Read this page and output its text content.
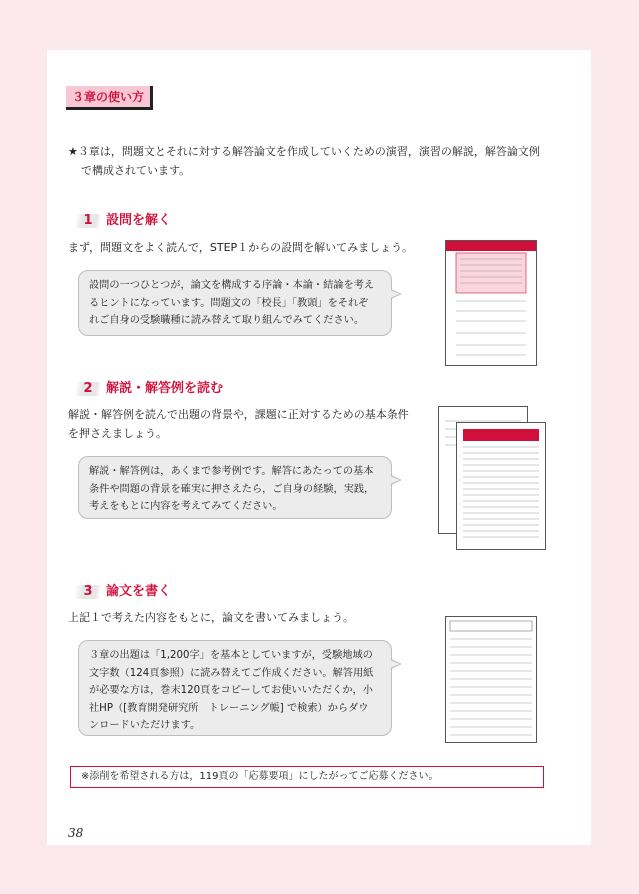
３章の使い方
★３章は，問題文とそれに対する解答論文を作成していくための演習，演習の解説，解答論文例
で構成されています。
1 設問を解く
まず，問題文をよく読んで，STEP１からの設問を解いてみましょう。
設問の一つひとつが，論文を構成する序論・本論・結論を考え
るヒントになっています。問題文の「校長」「教頭」をそれぞ
れご自身の受験職種に読み替えて取り組んでみてください。
2 解説・解答例を読む
解説・解答例を読んで出題の背景や，課題に正対するための基本条件
を押さえましょう。
解説・解答例は，あくまで参考例です。解答にあたっての基本
条件や問題の背景を確実に押さえたら，ご自身の経験，実践，
考えをもとに内容を考えてみてください。
3 論文を書く
上記１で考えた内容をもとに，論文を書いてみましょう。
３章の出題は「1,200字」を基本としていますが，受験地域の
文字数（124頁参照）に読み替えてご作成ください。解答用紙
が必要な方は，巻末120頁をコピーしてお使いいただくか，小
社HP（[教育開発研究所　トレーニング帳] で検索）からダウ
ンロードいただけます。
※添削を希望される方は，119頁の「応募要項」にしたがってご応募ください。
38
